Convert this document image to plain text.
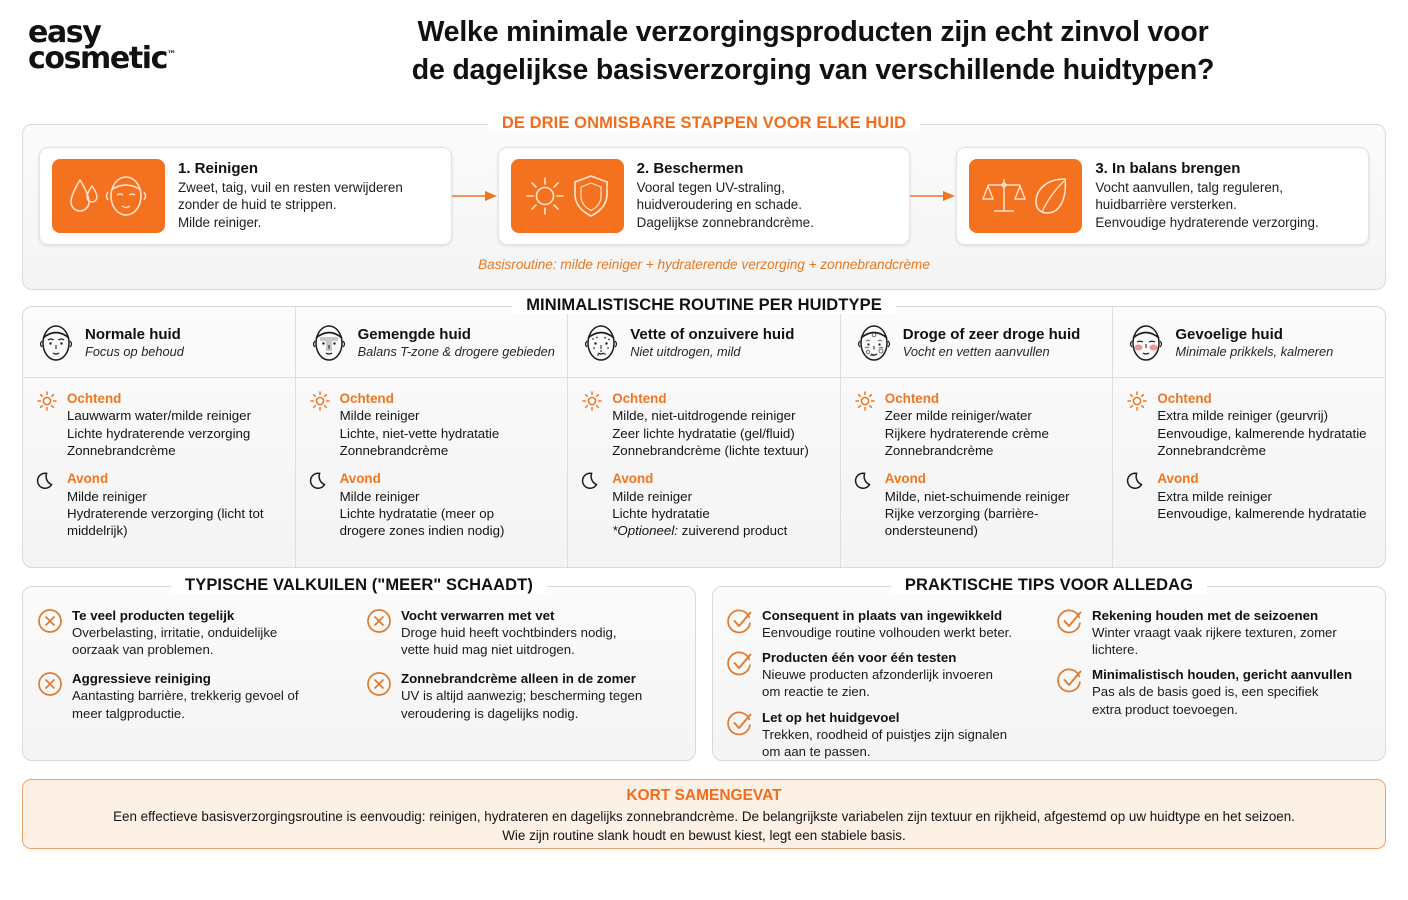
easy
cosmetic™
Welke minimale verzorgingsproducten zijn echt zinvol voor
de dagelijkse basisverzorging van verschillende huidtypen?
DE DRIE ONMISBARE STAPPEN VOOR ELKE HUID
1. Reinigen
Zweet, taig, vuil en resten verwijderen
zonder de huid te strippen.
Milde reiniger.
2. Beschermen
Vooral tegen UV-straling,
huidveroudering en schade.
Dagelijkse zonnebrandcrème.
3. In balans brengen
Vocht aanvullen, talg reguleren,
huidbarrière versterken.
Eenvoudige hydraterende verzorging.
Basisroutine: milde reiniger + hydraterende verzorging + zonnebrandcrème
MINIMALISTISCHE ROUTINE PER HUIDTYPE
Normale huid
Focus op behoud
Ochtend
Lauwwarm water/milde reiniger
Lichte hydraterende verzorging
Zonnebrandcrème
Avond
Milde reiniger
Hydraterende verzorging (licht tot
middelrijk)
Gemengde huid
Balans T-zone & drogere gebieden
Ochtend
Milde reiniger
Lichte, niet-vette hydratatie
Zonnebrandcrème
Avond
Milde reiniger
Lichte hydratatie (meer op
drogere zones indien nodig)
Vette of onzuivere huid
Niet uitdrogen, mild
Ochtend
Milde, niet-uitdrogende reiniger
Zeer lichte hydratatie (gel/fluid)
Zonnebrandcrème (lichte textuur)
Avond
Milde reiniger
Lichte hydratatie
*Optioneel: zuiverend product
Droge of zeer droge huid
Vocht en vetten aanvullen
Ochtend
Zeer milde reiniger/water
Rijkere hydraterende crème
Zonnebrandcrème
Avond
Milde, niet-schuimende reiniger
Rijke verzorging (barrière-
ondersteunend)
Gevoelige huid
Minimale prikkels, kalmeren
Ochtend
Extra milde reiniger (geurvrij)
Eenvoudige, kalmerende hydratatie
Zonnebrandcrème
Avond
Extra milde reiniger
Eenvoudige, kalmerende hydratatie
TYPISCHE VALKUILEN ("MEER" SCHAADT)
Te veel producten tegelijk
Overbelasting, irritatie, onduidelijke
oorzaak van problemen.
Aggressieve reiniging
Aantasting barrière, trekkerig gevoel of
meer talgproductie.
Vocht verwarren met vet
Droge huid heeft vochtbinders nodig,
vette huid mag niet uitdrogen.
Zonnebrandcrème alleen in de zomer
UV is altijd aanwezig; bescherming tegen
veroudering is dagelijks nodig.
PRAKTISCHE TIPS VOOR ALLEDAG
Consequent in plaats van ingewikkeld
Eenvoudige routine volhouden werkt beter.
Producten één voor één testen
Nieuwe producten afzonderlijk invoeren
om reactie te zien.
Let op het huidgevoel
Trekken, roodheid of puistjes zijn signalen
om aan te passen.
Rekening houden met de seizoenen
Winter vraagt vaak rijkere texturen, zomer
lichtere.
Minimalistisch houden, gericht aanvullen
Pas als de basis goed is, een specifiek
extra product toevoegen.
KORT SAMENGEVAT
Een effectieve basisverzorgingsroutine is eenvoudig: reinigen, hydrateren en dagelijks zonnebrandcrème. De belangrijkste variabelen zijn textuur en rijkheid, afgestemd op uw huidtype en het seizoen.
Wie zijn routine slank houdt en bewust kiest, legt een stabiele basis.
